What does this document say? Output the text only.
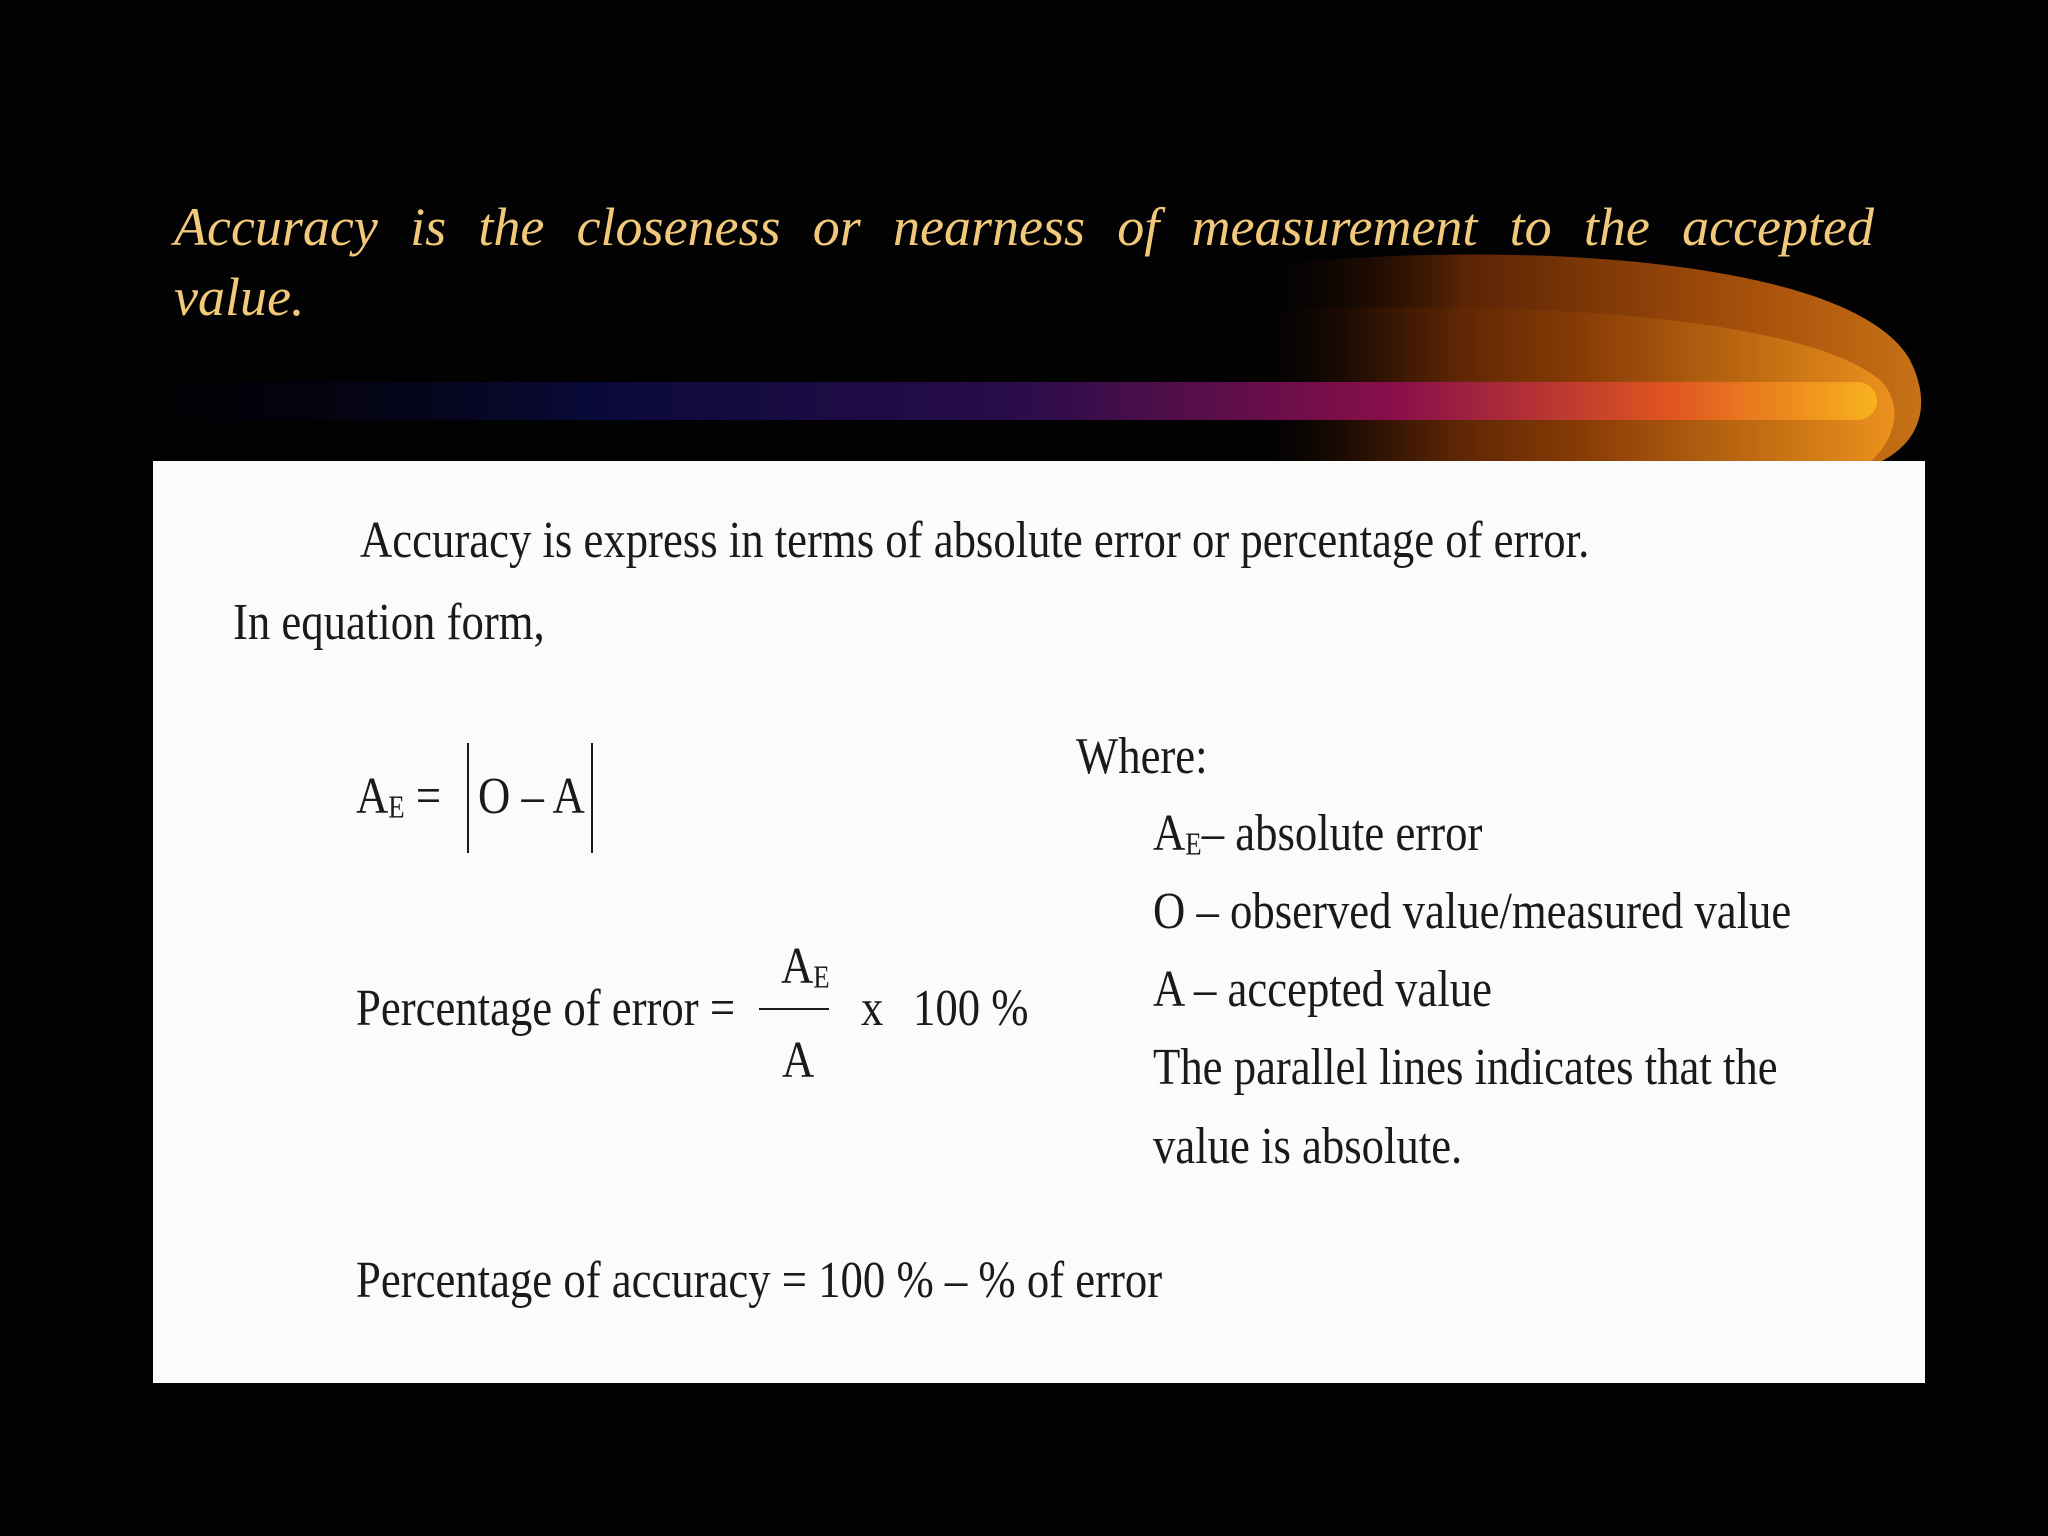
Accuracy is the closeness or nearness of measurement to the accepted value.

Accuracy is express in terms of absolute error or percentage of error.
In equation form,
AE = O – A
Percentage of error =
AE
A
x 100 %
Where:
AE– absolute error
O – observed value/measured value
A – accepted value
The parallel lines indicates that the
value is absolute.
Percentage of accuracy = 100 % – % of error
